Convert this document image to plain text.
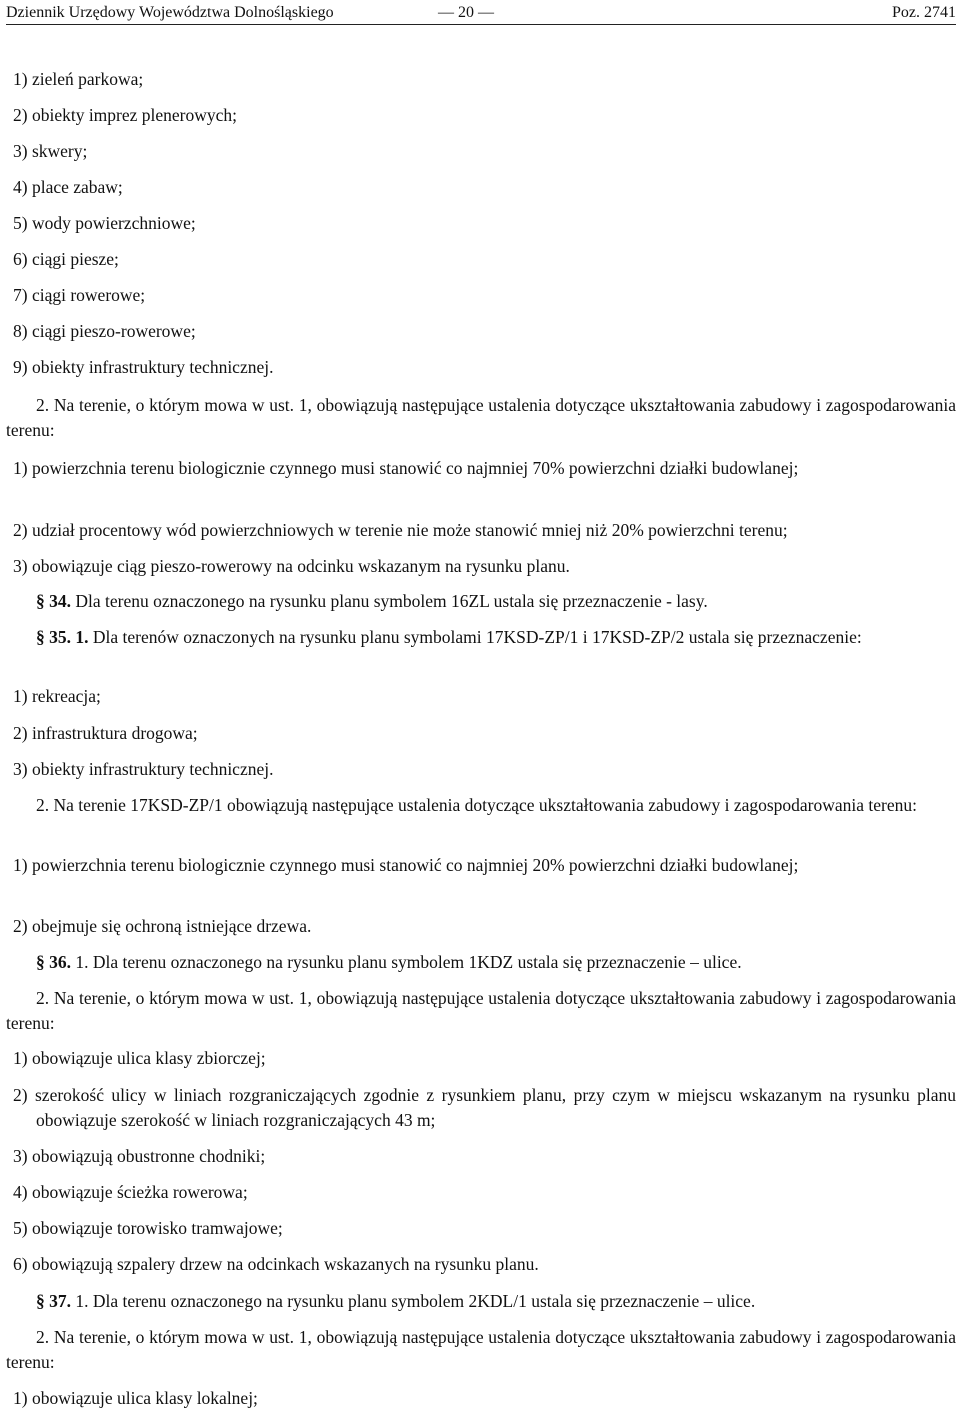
Dziennik Urzędowy Województwa Dolnośląskiego	— 20 —	Poz. 2741

1) zieleń parkowa;

2) obiekty imprez plenerowych;

3) skwery;

4) place zabaw;

5) wody powierzchniowe;

6) ciągi piesze;

7) ciągi rowerowe;

8) ciągi pieszo-rowerowe;

9) obiekty infrastruktury technicznej.

2. Na terenie, o którym mowa w ust. 1, obowiązują następujące ustalenia dotyczące ukształtowania zabudowy i zagospodarowania terenu:

1) powierzchnia terenu biologicznie czynnego musi stanowić co najmniej 70% powierzchni działki budowlanej;

2) udział procentowy wód powierzchniowych w terenie nie może stanowić mniej niż 20% powierzchni terenu;

3) obowiązuje ciąg pieszo-rowerowy na odcinku wskazanym na rysunku planu.

§ 34. Dla terenu oznaczonego na rysunku planu symbolem 16ZL ustala się przeznaczenie - lasy.

§ 35. 1. Dla terenów oznaczonych na rysunku planu symbolami 17KSD-ZP/1 i 17KSD-ZP/2 ustala się przeznaczenie:

1) rekreacja;

2) infrastruktura drogowa;

3) obiekty infrastruktury technicznej.

2. Na terenie 17KSD-ZP/1 obowiązują następujące ustalenia dotyczące ukształtowania zabudowy i zagospodarowania terenu:

1) powierzchnia terenu biologicznie czynnego musi stanowić co najmniej 20% powierzchni działki budowlanej;

2) obejmuje się ochroną istniejące drzewa.

§ 36. 1. Dla terenu oznaczonego na rysunku planu symbolem 1KDZ ustala się przeznaczenie – ulice.

2. Na terenie, o którym mowa w ust. 1, obowiązują następujące ustalenia dotyczące ukształtowania zabudowy i zagospodarowania terenu:

1) obowiązuje ulica klasy zbiorczej;

2) szerokość ulicy w liniach rozgraniczających zgodnie z rysunkiem planu, przy czym w miejscu wskazanym na rysunku planu obowiązuje szerokość w liniach rozgraniczających 43 m;

3) obowiązują obustronne chodniki;

4) obowiązuje ścieżka rowerowa;

5) obowiązuje torowisko tramwajowe;

6) obowiązują szpalery drzew na odcinkach wskazanych na rysunku planu.

§ 37. 1. Dla terenu oznaczonego na rysunku planu symbolem 2KDL/1 ustala się przeznaczenie – ulice.

2. Na terenie, o którym mowa w ust. 1, obowiązują następujące ustalenia dotyczące ukształtowania zabudowy i zagospodarowania terenu:

1) obowiązuje ulica klasy lokalnej;
